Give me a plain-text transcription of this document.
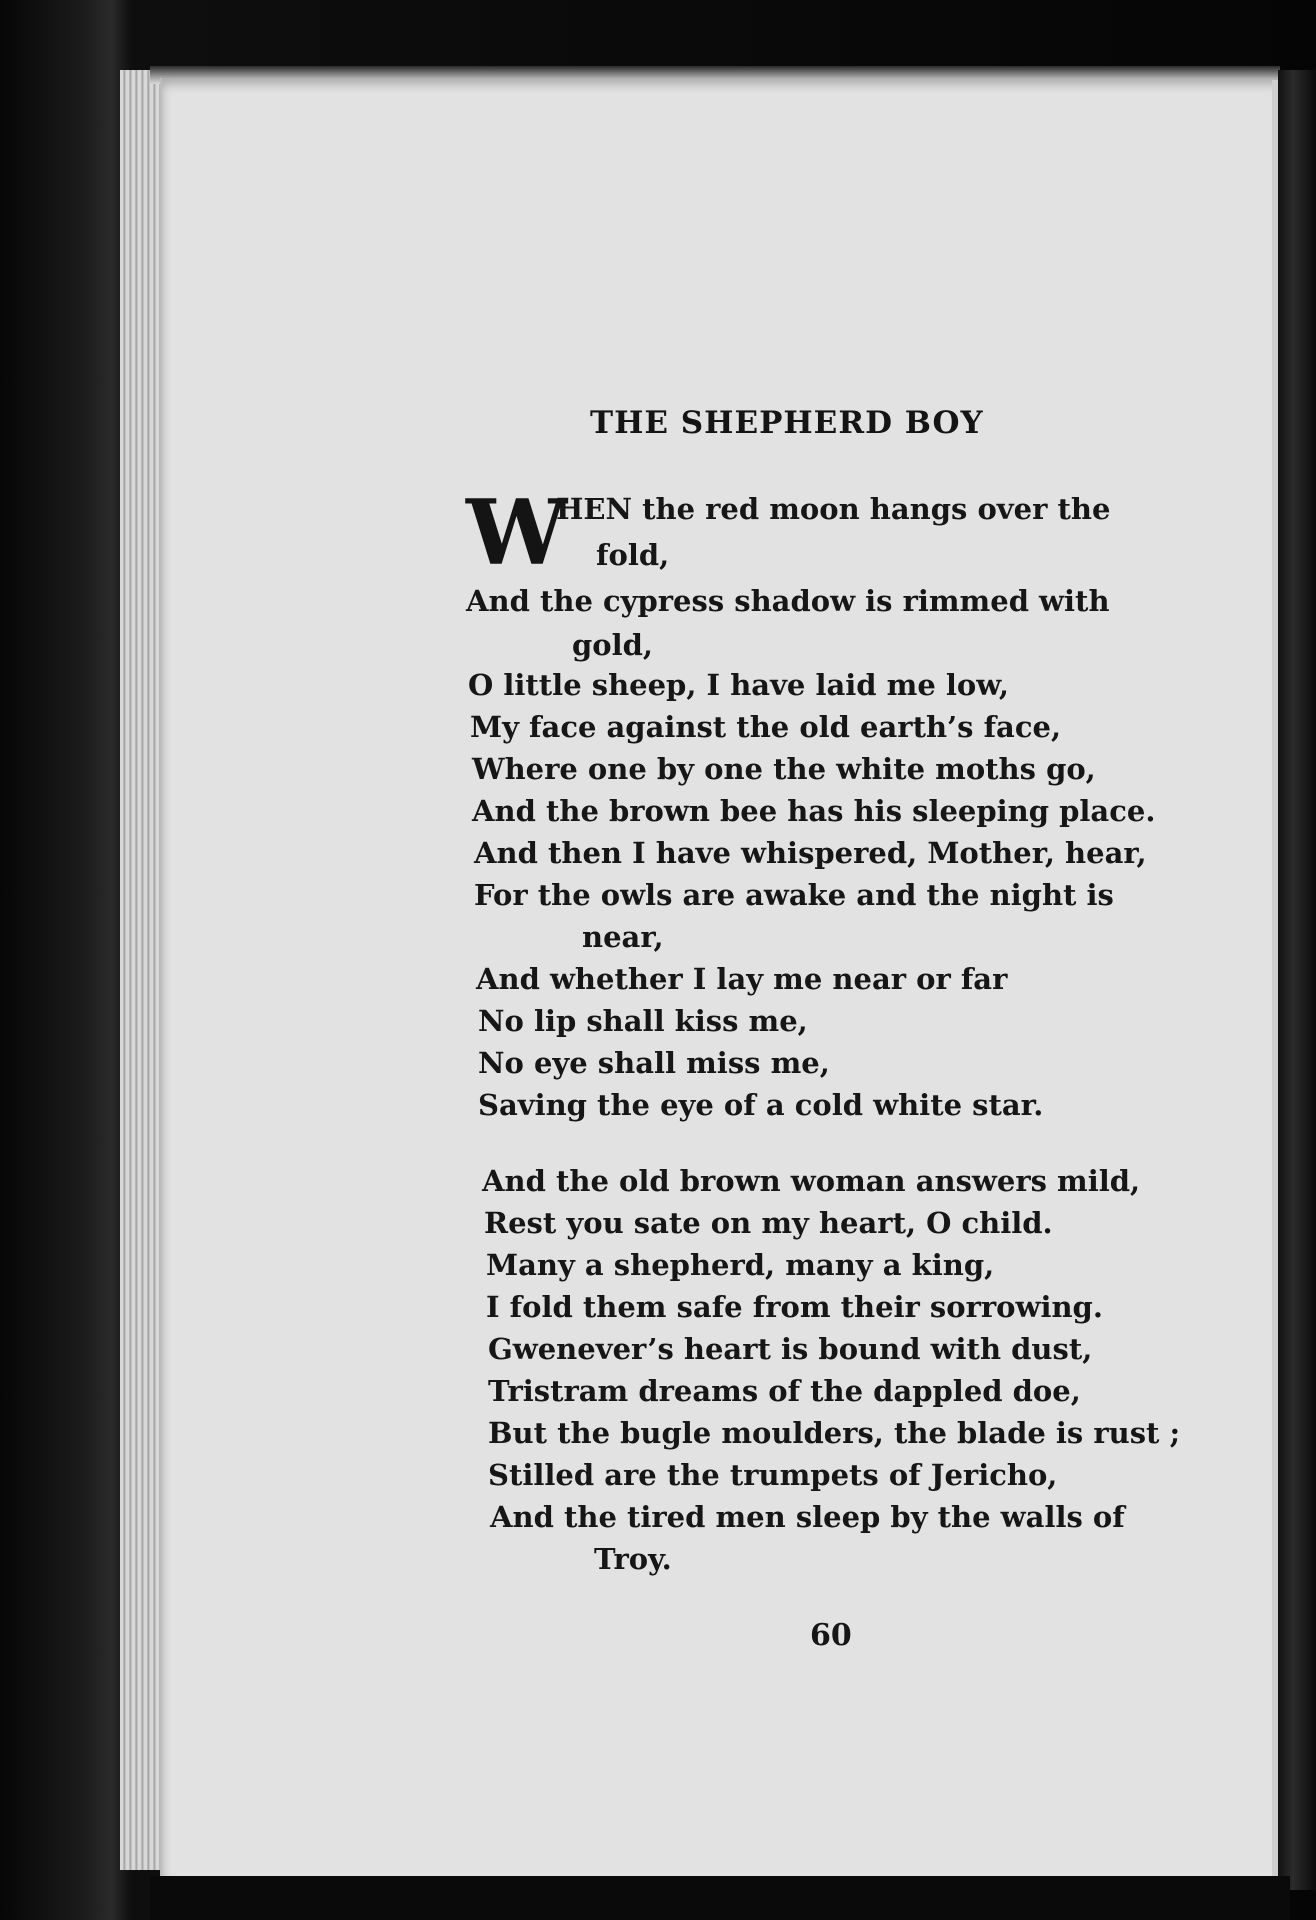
THE SHEPHERD BOY
W
HEN the red moon hangs over the
fold,
And the cypress shadow is rimmed with
gold,
O little sheep, I have laid me low,
My face against the old earth’s face,
Where one by one the white moths go,
And the brown bee has his sleeping place.
And then I have whispered, Mother, hear,
For the owls are awake and the night is
near,
And whether I lay me near or far
No lip shall kiss me,
No eye shall miss me,
Saving the eye of a cold white star.
And the old brown woman answers mild,
Rest you sate on my heart, O child.
Many a shepherd, many a king,
I fold them safe from their sorrowing.
Gwenever’s heart is bound with dust,
Tristram dreams of the dappled doe,
But the bugle moulders, the blade is rust ;
Stilled are the trumpets of Jericho,
And the tired men sleep by the walls of
Troy.
60
